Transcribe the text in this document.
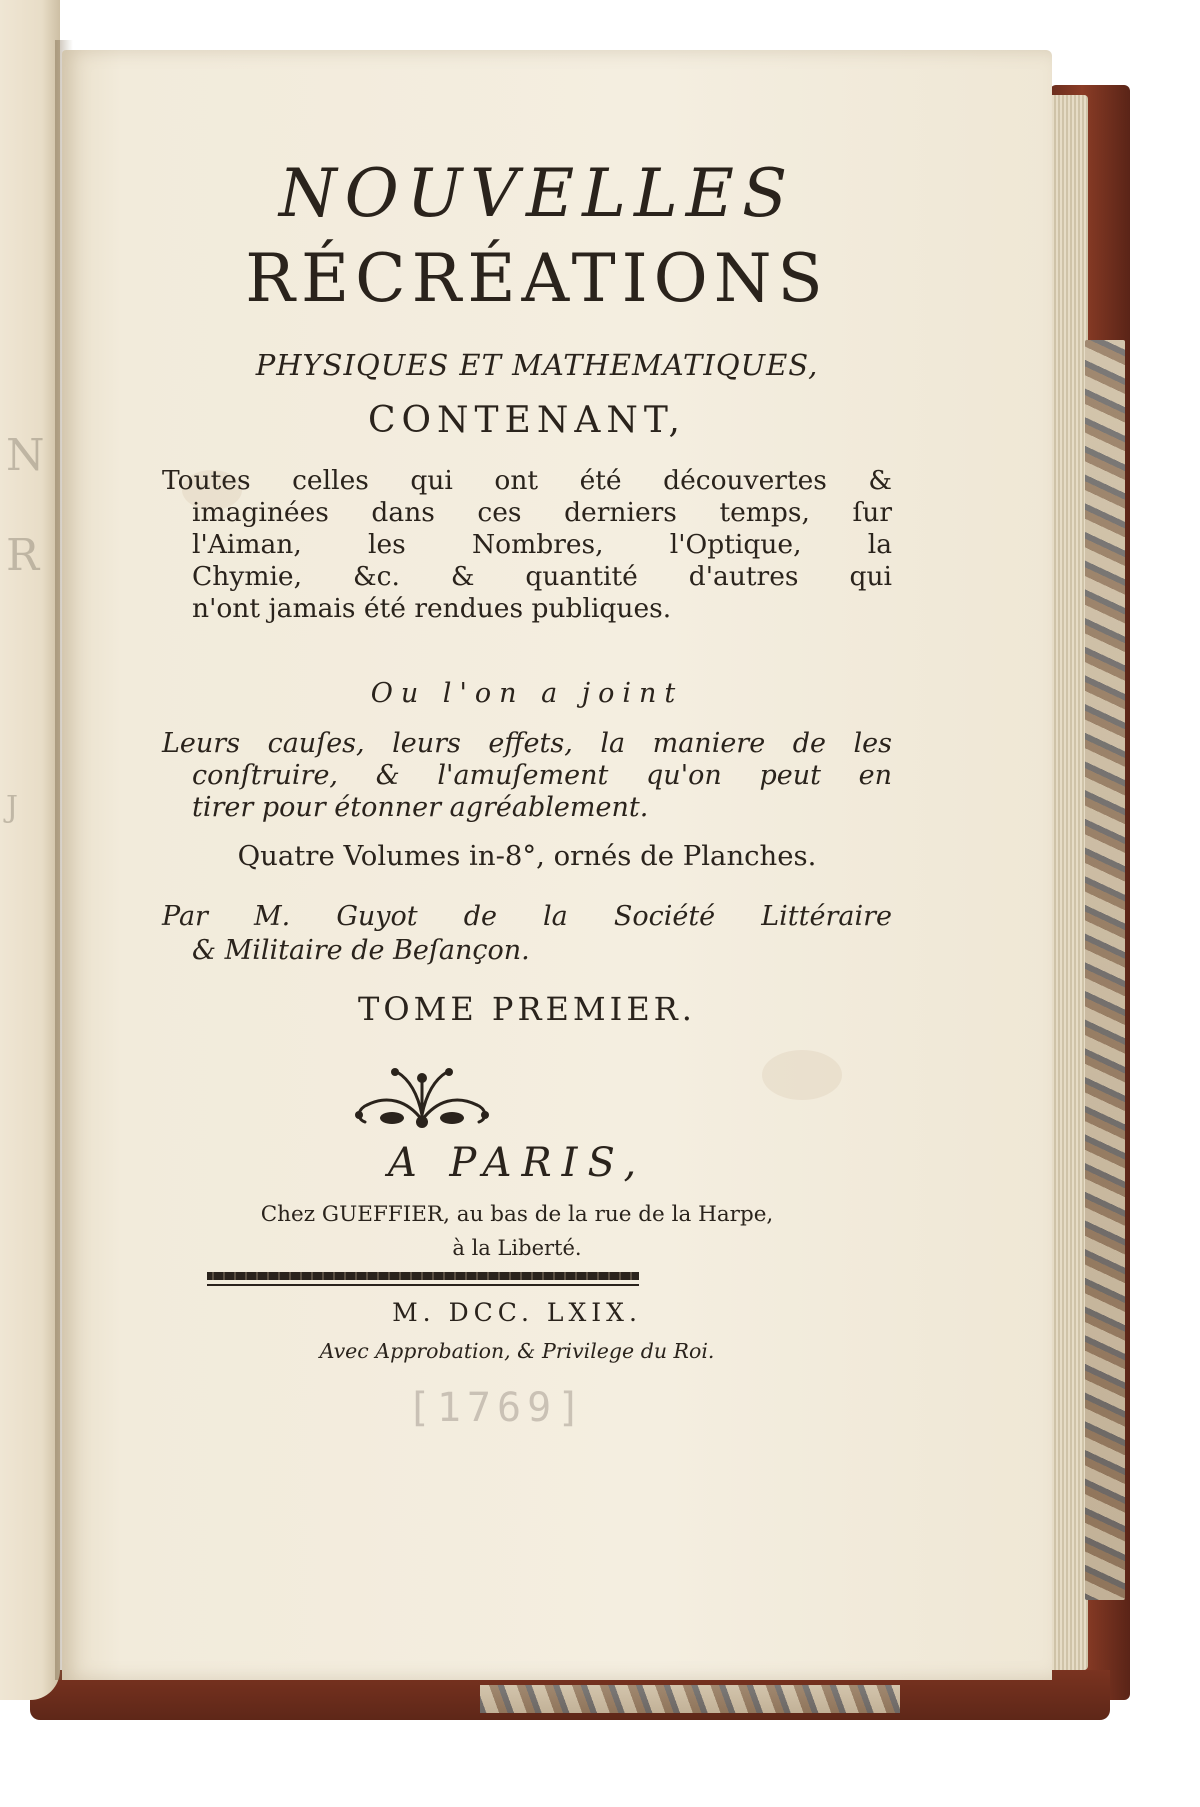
N
R
J

NOUVELLES

RÉCRÉATIONS

PHYSIQUES ET MATHEMATIQUES,

CONTENANT,

Toutes celles qui ont été découvertes &
imaginées dans ces derniers temps, ſur
l'Aiman, les Nombres, l'Optique, la
Chymie, &c. & quantité d'autres qui
n'ont jamais été rendues publiques.

Ou l'on a joint

Leurs cauſes, leurs effets, la maniere de les
conſtruire, & l'amuſement qu'on peut en
tirer pour étonner agréablement.

Quatre Volumes in-8°, ornés de Planches.

Par M. Guyot de la Société Littéraire
& Militaire de Beſançon.

TOME PREMIER.

A PARIS,

Chez GUEFFIER, au bas de la rue de la Harpe,

à la Liberté.

M. DCC. LXIX.

Avec Approbation, & Privilege du Roi.

[1769]
